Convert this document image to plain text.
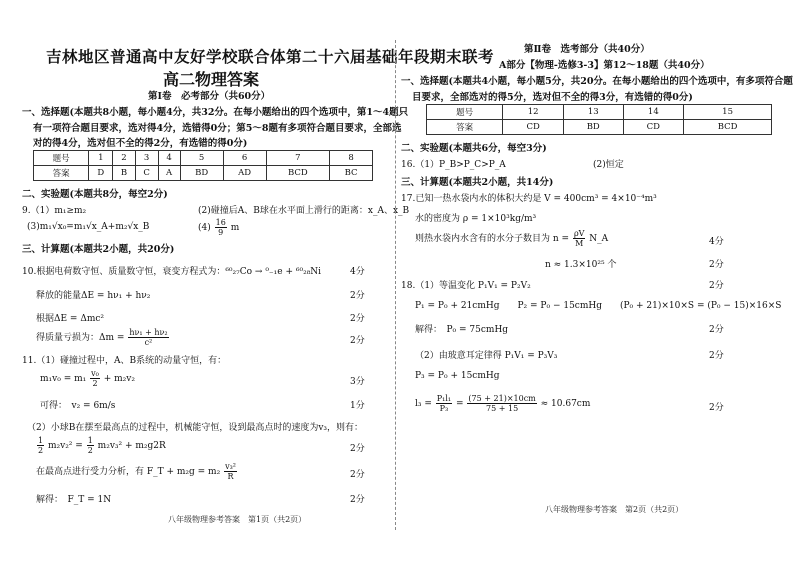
吉林地区普通高中友好学校联合体第二十六届基础年段期末联考
高二物理答案
第Ⅰ卷　必考部分（共60分）
一、选择题(本题共8小题，每小题4分，共32分。在每小题给出的四个选项中，第1～4题只
有一项符合题目要求，选对得4分，选错得0分；第5～8题有多项符合题目要求，全部选
对的得4分，选对但不全的得2分，有选错的得0分)
题号	1	2	3	4	5	6	7	8
答案	D	B	C	A	BD	AD	BCD	BC
二、实验题(本题共8分，每空2分)
9.（1）m₁≥m₂	(2)碰撞后A、B球在水平面上滑行的距离：x_A、x_B
(3)m₁√x₀=m₁√x_A+m₂√x_B	$(4) \frac{16}{9}$ m
三、计算题(本题共2小题，共20分)
10.根据电荷数守恒、质量数守恒，衰变方程式为：⁶⁰₂₇Co → ⁰₋₁e + ⁶⁰₂₈Ni	4分
释放的能量ΔE = hν₁ + hν₂	2分
根据ΔE = Δmc²	2分
得质量亏损为：$\Delta m = \frac{\text{hν₁ + hν₂}}{\text{c²}}$	2分
11.（1）碰撞过程中，A、B系统的动量守恒，有：
$m_1v_0 = m_1 \frac{\text{v₀}}{2} + m_2v_2$	3分
可得：　v₂ = 6m/s	1分
（2）小球B在摆至最高点的过程中，机械能守恒，设到最高点时的速度为v₃，则有：
$\frac{1}{2} m_2v_2^2 = \frac{1}{2} m_2v_3^2 + m_2g2R$	2分
在最高点进行受力分析，有 F_T + $m_2g = m_2 \frac{\text{v₃²}}{R}$	2分
解得：　F_T = 1N	2分
八年级物理参考答案　第1页（共2页）
第Ⅱ卷　选考部分（共40分）
A部分【物理-选修3-3】第12～18题（共40分）
一、选择题(本题共4小题，每小题5分，共20分。在每小题给出的四个选项中，有多项符合题
目要求，全部选对的得5分，选对但不全的得3分，有选错的得0分)
题号	12	13	14	15
答案	CD	BD	CD	BCD
二、实验题(本题共6分，每空3分)
16.（1）P_B>P_C>P_A	(2)恒定
三、计算题(本题共2小题，共14分)
17.已知一热水袋内水的体积大约是 V = 400cm³ = 4×10⁻⁴m³
水的密度为 ρ = 1×10³kg/m³
则热水袋内水含有的水分子数目为 $n = \frac{\rho V}{M}$ N_A	4分
n ≈ 1.3×10²⁵ 个	2分
18.（1）等温变化 P₁V₁ = P₂V₂	2分
P₁ = P₀ + 21cmHg　　P₂ = P₀ − 15cmHg　　(P₀ + 21)×10×S = (P₀ − 15)×16×S
解得：　P₀ = 75cmHg	2分
（2）由玻意耳定律得 P₁V₁ = P₃V₃	2分
P₃ = P₀ + 15cmHg
$l_3 = \frac{\text{P₁l₁}}{\text{P₃}} = \frac{(75 + 21)\times 10cm}{75 + 15} \approx 10.67cm$	2分
八年级物理参考答案　第2页（共2页）
